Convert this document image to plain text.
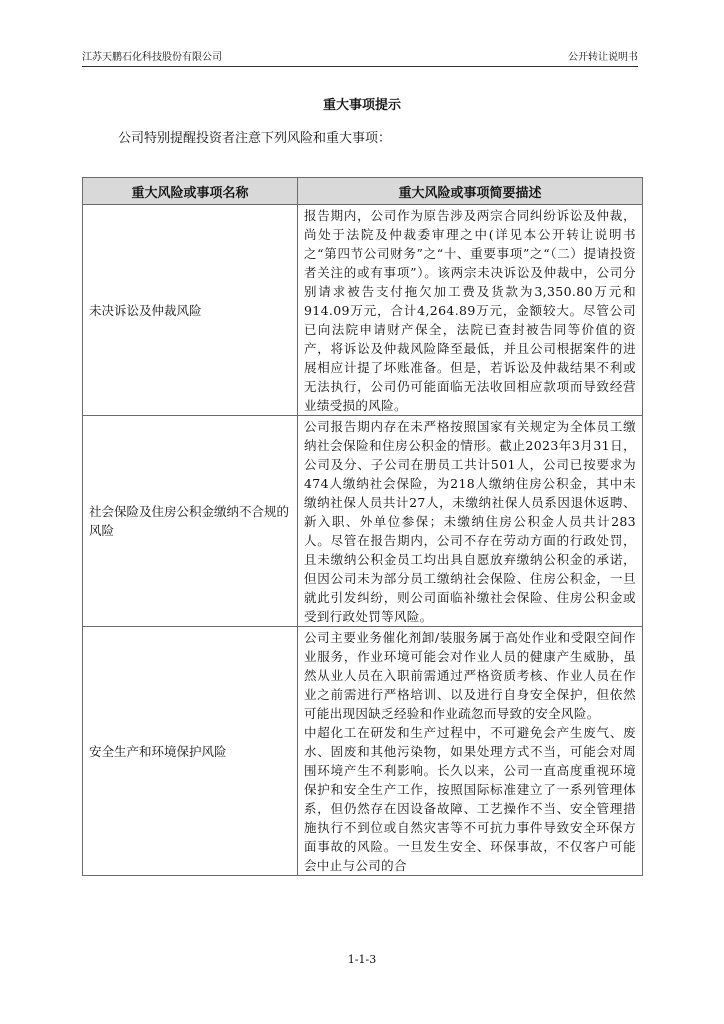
江苏天鹏石化科技股份有限公司	公开转让说明书
重大事项提示
公司特别提醒投资者注意下列风险和重大事项：
重大风险或事项名称	重大风险或事项简要描述
未决诉讼及仲裁风险	报告期内，公司作为原告涉及两宗合同纠纷诉讼及仲裁，尚处于法院及仲裁委审理之中(详见本公开转让说明书之“第四节公司财务”之“十、重要事项”之“（二）提请投资者关注的或有事项”）。该两宗未决诉讼及仲裁中，公司分别请求被告支付拖欠加工费及货款为3,350.80万元和914.09万元，合计4,264.89万元，金额较大。尽管公司已向法院申请财产保全，法院已查封被告同等价值的资产，将诉讼及仲裁风险降至最低，并且公司根据案件的进展相应计提了坏账准备。但是，若诉讼及仲裁结果不利或无法执行，公司仍可能面临无法收回相应款项而导致经营业绩受损的风险。

社会保险及住房公积金缴纳不合规的风险	公司报告期内存在未严格按照国家有关规定为全体员工缴纳社会保险和住房公积金的情形。截止2023年3月31日，公司及分、子公司在册员工共计501人，公司已按要求为474人缴纳社会保险，为218人缴纳住房公积金，其中未缴纳社保人员共计27人，未缴纳社保人员系因退休返聘、新入职、外单位参保；未缴纳住房公积金人员共计283人。尽管在报告期内，公司不存在劳动方面的行政处罚，且未缴纳公积金员工均出具自愿放弃缴纳公积金的承诺，但因公司未为部分员工缴纳社会保险、住房公积金，一旦就此引发纠纷，则公司面临补缴社会保险、住房公积金或受到行政处罚等风险。

安全生产和环境保护风险	公司主要业务催化剂卸/装服务属于高处作业和受限空间作业服务，作业环境可能会对作业人员的健康产生威胁，虽然从业人员在入职前需通过严格资质考核、作业人员在作业之前需进行严格培训、以及进行自身安全保护，但依然可能出现因缺乏经验和作业疏忽而导致的安全风险。

中超化工在研发和生产过程中，不可避免会产生废气、废水、固废和其他污染物，如果处理方式不当，可能会对周围环境产生不利影响。长久以来，公司一直高度重视环境保护和安全生产工作，按照国际标准建立了一系列管理体系，但仍然存在因设备故障、工艺操作不当、安全管理措施执行不到位或自然灾害等不可抗力事件导致安全环保方面事故的风险。一旦发生安全、环保事故，不仅客户可能会中止与公司的合

1-1-3
